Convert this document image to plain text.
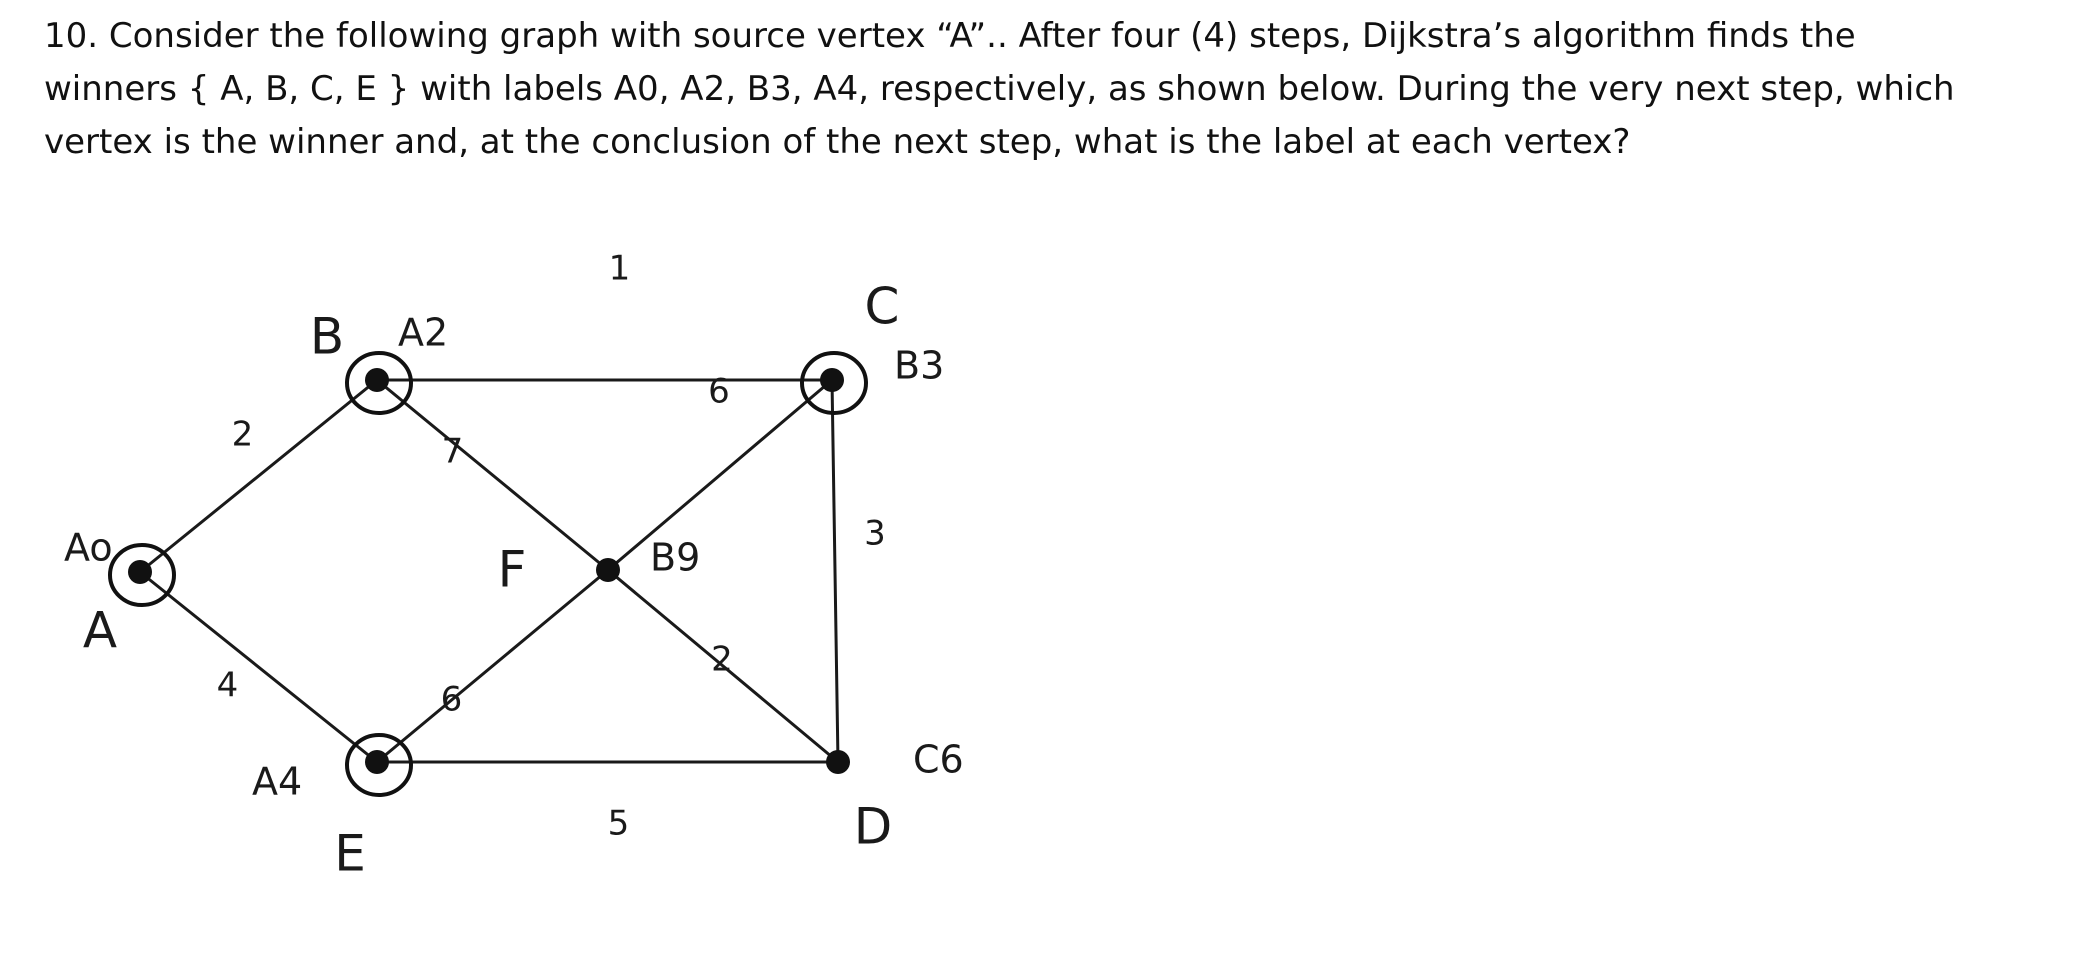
10. Consider the following graph with source vertex “A”.. After four (4) steps, Dijkstra’s algorithm finds the
winners { A, B, C, E } with labels A0, A2, B3, A4, respectively, as shown below. During the very next step, which
vertex is the winner and, at the conclusion of the next step, what is the label at each vertex?

2
1
4
7
6
6
3
2
5
A
Ao
B A2	C
B3
E
A4
F	B9
D
C6
